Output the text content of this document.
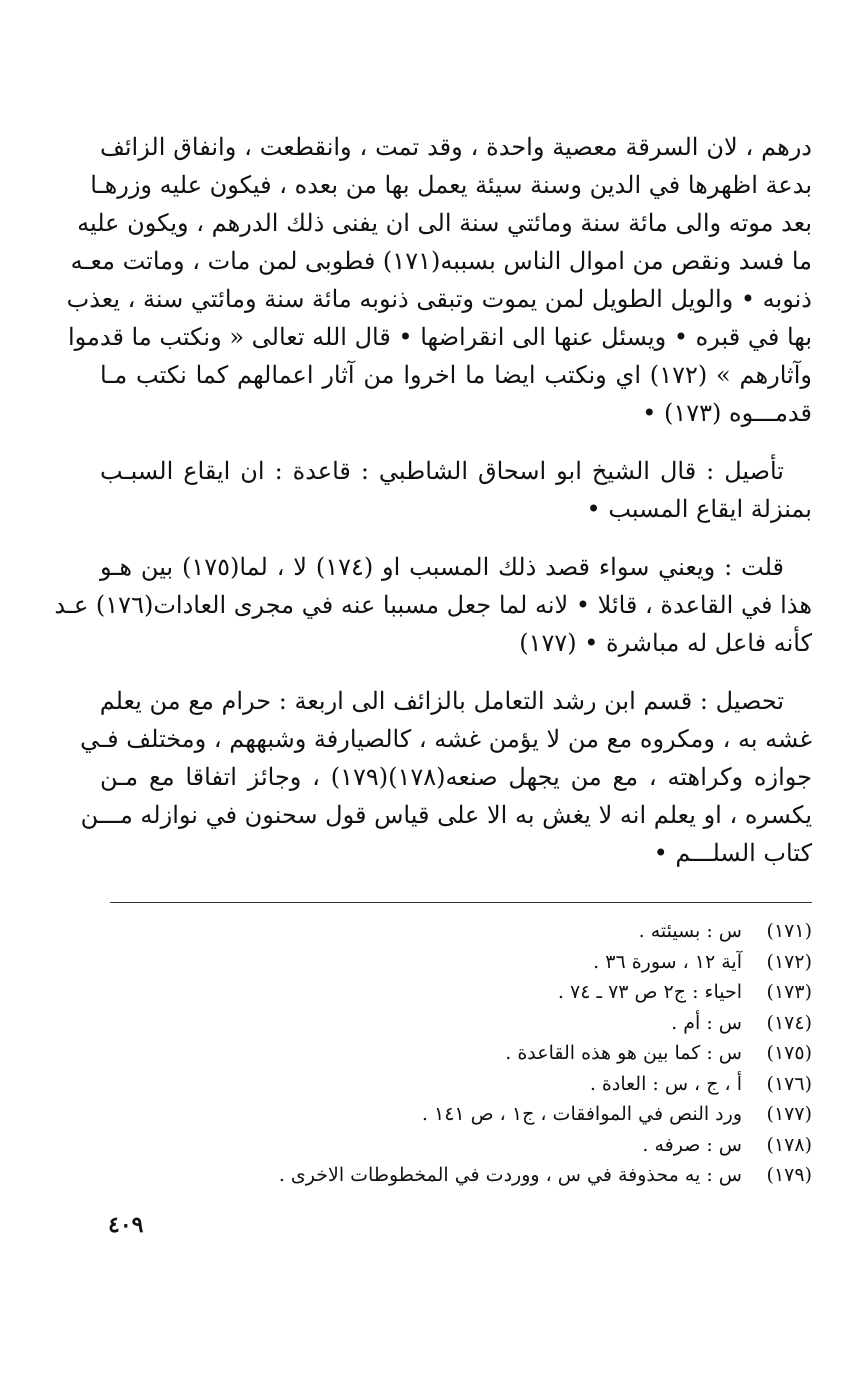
درهم ، لان السرقة معصية واحدة ، وقد تمت ، وانقطعت ، وانفاق الزائف
بدعة اظهرها في الدين وسنة سيئة يعمل بها من بعده ، فيكون عليه وزرهـا
بعد موته والى مائة سنة ومائتي سنة الى ان يفنى ذلك الدرهم ، ويكون عليه
ما فسد ونقص من اموال الناس بسببه(١٧١) فطوبى لمن مات ، وماتت معـه
ذنوبه • والويل الطويل لمن يموت وتبقى ذنوبه مائة سنة ومائتي سنة ، يعذب
بها في قبره • ويسئل عنها الى انقراضها • قال الله تعالى « ونكتب ما قدموا
وآثارهم » (١٧٢) اي ونكتب ايضا ما اخروا من آثار اعمالهم كما نكتب مـا
قدمـــوه (١٧٣) •
تأصيل : قال الشيخ ابو اسحاق الشاطبي : قاعدة : ان ايقاع السبـب
بمنزلة ايقاع المسبب •
قلت : ويعني سواء قصد ذلك المسبب او (١٧٤) لا ، لما(١٧٥) بين هـو
هذا في القاعدة ، قائلا • لانه لما جعل مسببا عنه في مجرى العادات(١٧٦) عـد
كأنه فاعل له مباشرة • (١٧٧)
تحصيل : قسم ابن رشد التعامل بالزائف الى اربعة : حرام مع من يعلم
غشه به ، ومكروه مع من لا يؤمن غشه ، كالصيارفة وشبههم ، ومختلف فـي
جوازه وكراهته ، مع من يجهل صنعه(١٧٨)(١٧٩) ، وجائز اتفاقا مع مـن
يكسره ، او يعلم انه لا يغش به الا على قياس قول سحنون في نوازله مـــن
كتاب السلـــم •
(١٧١)
س : بسيئته .
(١٧٢)
آية ١٢ ، سورة ٣٦ .
(١٧٣)
احياء : ج٢ ص ٧٣ ـ ٧٤ .
(١٧٤)
س : أم .
(١٧٥)
س : كما بين هو هذه القاعدة .
(١٧٦)
أ ، ج ، س : العادة .
(١٧٧)
ورد النص في الموافقات ، ج١ ، ص ١٤١ .
(١٧٨)
س : صرفه .
(١٧٩)
س : يه محذوفة في س ، ووردت في المخطوطات الاخرى .
٤٠٩
